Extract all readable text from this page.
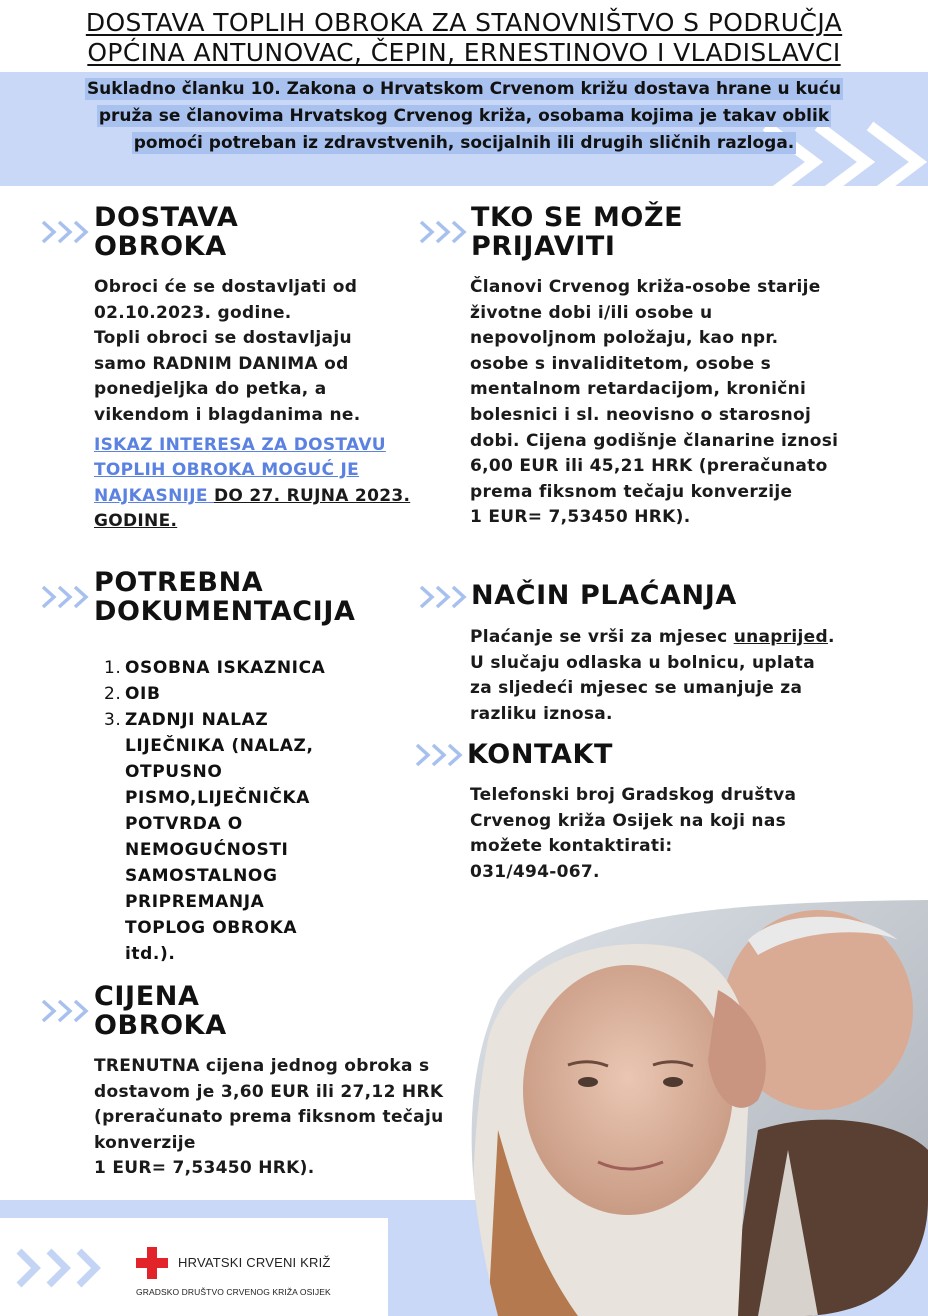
DOSTAVA TOPLIH OBROKA ZA STANOVNIŠTVO S PODRUČJA
OPĆINA ANTUNOVAC, ČEPIN, ERNESTINOVO I VLADISLAVCI
Sukladno članku 10. Zakona o Hrvatskom Crvenom križu dostava hrane u kuću pruža se članovima Hrvatskog Crvenog križa, osobama kojima je takav oblik pomoći potreban iz zdravstvenih, socijalnih ili drugih sličnih razloga.
DOSTAVA
OBROKA
Obroci će se dostavljati od 02.10.2023. godine.
Topli obroci se dostavljaju samo RADNIM DANIMA od ponedjeljka do petka, a vikendom i blagdanima ne.
ISKAZ INTERESA ZA DOSTAVU TOPLIH OBROKA MOGUĆ JE NAJKASNIJE DO 27. RUJNA 2023. GODINE.
POTREBNA
DOKUMENTACIJA
1. OSOBNA ISKAZNICA
2. OIB
3. ZADNJI NALAZ LIJEČNIKA (NALAZ, OTPUSNO PISMO,LIJEČNIČKA POTVRDA O NEMOGUĆNOSTI SAMOSTALNOG PRIPREMANJA TOPLOG OBROKA itd.).
CIJENA
OBROKA
TRENUTNA cijena jednog obroka s dostavom je 3,60 EUR ili 27,12 HRK (preračunato prema fiksnom tečaju konverzije
1 EUR= 7,53450 HRK).
TKO SE MOŽE
PRIJAVITI
Članovi Crvenog križa-osobe starije životne dobi i/ili osobe u nepovoljnom položaju, kao npr. osobe s invaliditetom, osobe s mentalnom retardacijom, kronični bolesnici i sl. neovisno o starosnoj dobi. Cijena godišnje članarine iznosi 6,00 EUR ili 45,21 HRK (preračunato prema fiksnom tečaju konverzije
1 EUR= 7,53450 HRK).
NAČIN PLAĆANJA
Plaćanje se vrši za mjesec unaprijed. U slučaju odlaska u bolnicu, uplata za sljedeći mjesec se umanjuje za razliku iznosa.
KONTAKT
Telefonski broj Gradskog društva Crvenog križa Osijek na koji nas možete kontaktirati:
031/494-067.
HRVATSKI CRVENI KRIŽ
GRADSKO DRUŠTVO CRVENOG KRIŽA OSIJEK
